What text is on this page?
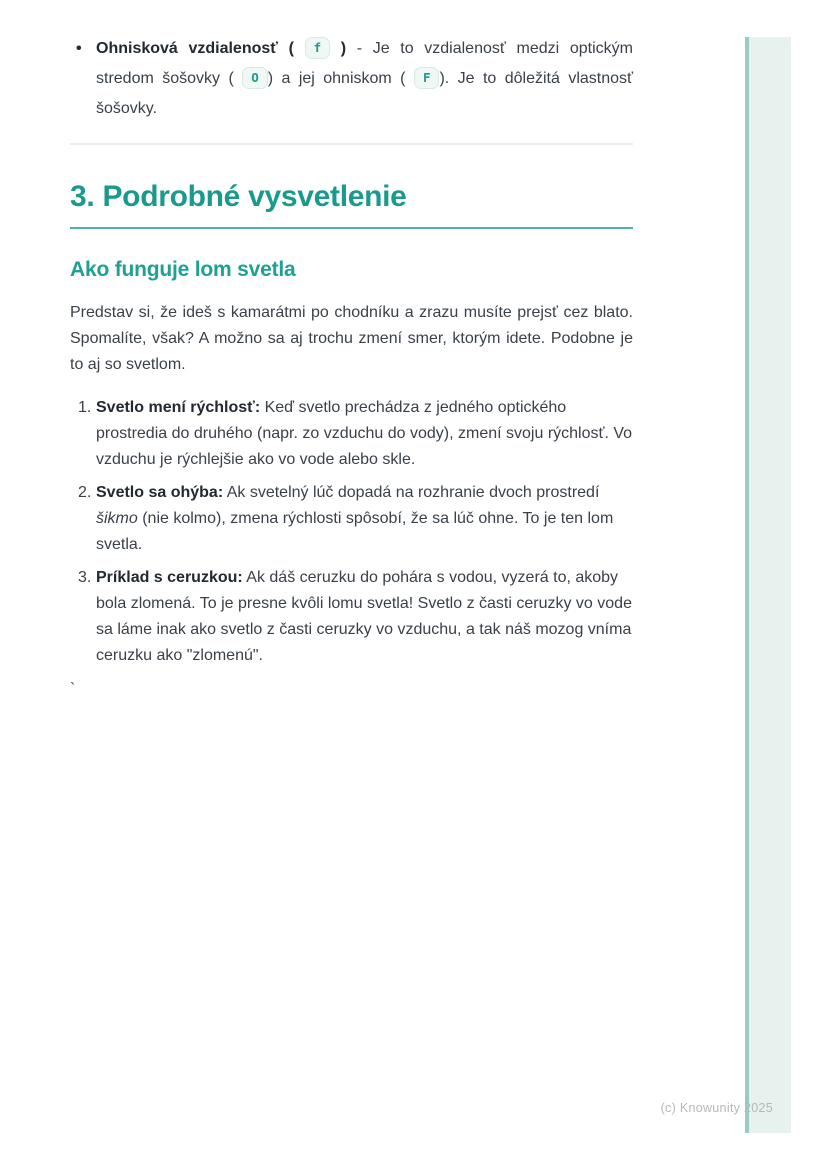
• Ohnisková vzdialenosť ( f ) - Je to vzdialenosť medzi optickým stredom šošovky ( O ) a jej ohniskom ( F ). Je to dôležitá vlastnosť šošovky.
3. Podrobné vysvetlenie
Ako funguje lom svetla

Predstav si, že ideš s kamarátmi po chodníku a zrazu musíte prejsť cez blato. Spomalíte, však? A možno sa aj trochu zmení smer, ktorým idete. Podobne je to aj so svetlom.

1. Svetlo mení rýchlosť: Keď svetlo prechádza z jedného optického prostredia do druhého (napr. zo vzduchu do vody), zmení svoju rýchlosť. Vo vzduchu je rýchlejšie ako vo vode alebo skle.
2. Svetlo sa ohýba: Ak svetelný lúč dopadá na rozhranie dvoch prostredí šikmo (nie kolmo), zmena rýchlosti spôsobí, že sa lúč ohne. To je ten lom svetla.
3. Príklad s ceruzkou: Ak dáš ceruzku do pohára s vodou, vyzerá to, akoby bola zlomená. To je presne kvôli lomu svetla! Svetlo z časti ceruzky vo vode sa láme inak ako svetlo z časti ceruzky vo vzduchu, a tak náš mozog vníma ceruzku ako "zlomenú".
`
(c) Knowunity 2025
